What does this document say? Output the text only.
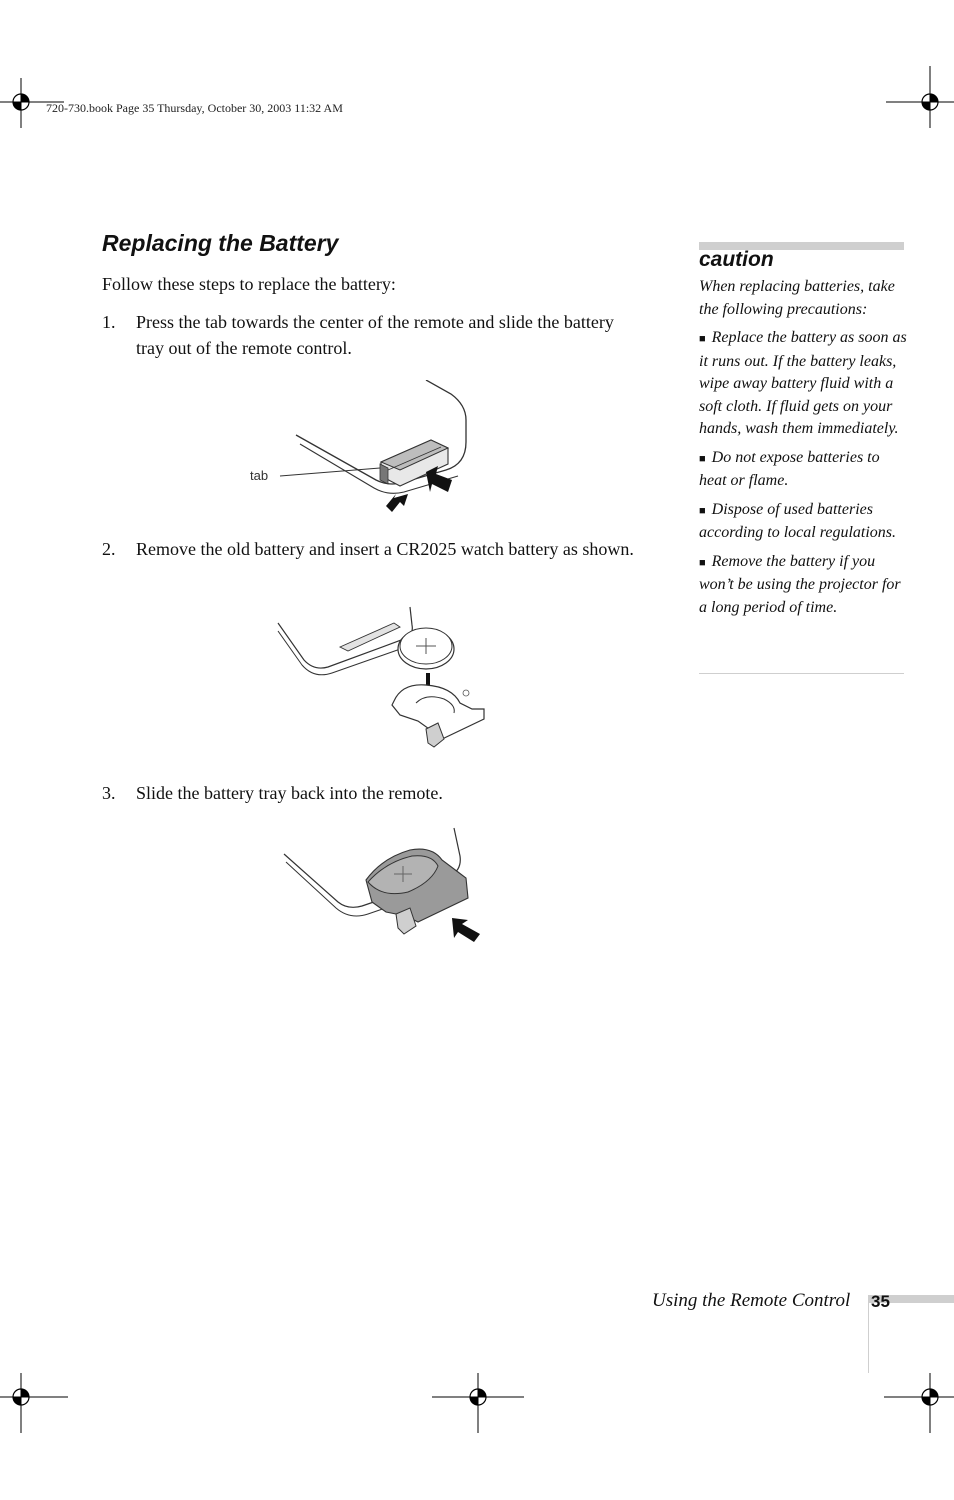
720-730.book Page 35 Thursday, October 30, 2003 11:32 AM
Replacing the Battery

Follow these steps to replace the battery:

1. Press the tab towards the center of the remote and slide the battery tray out of the remote control.
tab
2. Remove the old battery and insert a CR2025 watch battery as shown.
3. Slide the battery tray back into the remote.
caution

When replacing batteries, take the following precautions:

■ Replace the battery as soon as it runs out. If the battery leaks, wipe away battery fluid with a soft cloth. If fluid gets on your hands, wash them immediately.

■ Do not expose batteries to heat or flame.

■ Dispose of used batteries according to local regulations.

■ Remove the battery if you won’t be using the projector for a long period of time.

Using the Remote Control 35
